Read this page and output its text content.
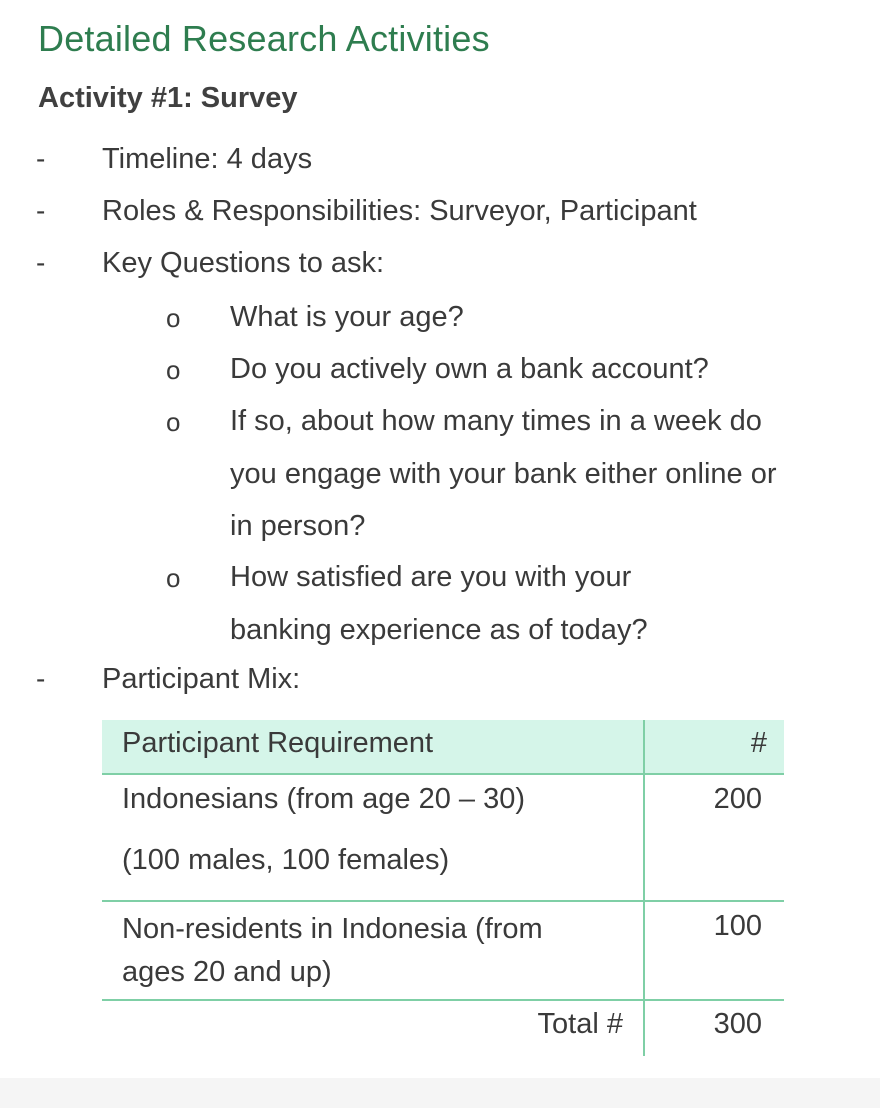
Detailed Research Activities
Activity #1: Survey
- Timeline: 4 days
- Roles & Responsibilities: Surveyor, Participant
- Key Questions to ask:
o What is your age?
o Do you actively own a bank account?
o If so, about how many times in a week do you engage with your bank either online or in person?
o How satisfied are you with your banking experience as of today?
- Participant Mix:
Participant Requirement	#
Indonesians (from age 20 – 30)
(100 males, 100 females)
200
Non-residents in Indonesia (from ages 20 and up)
100
Total #	300
